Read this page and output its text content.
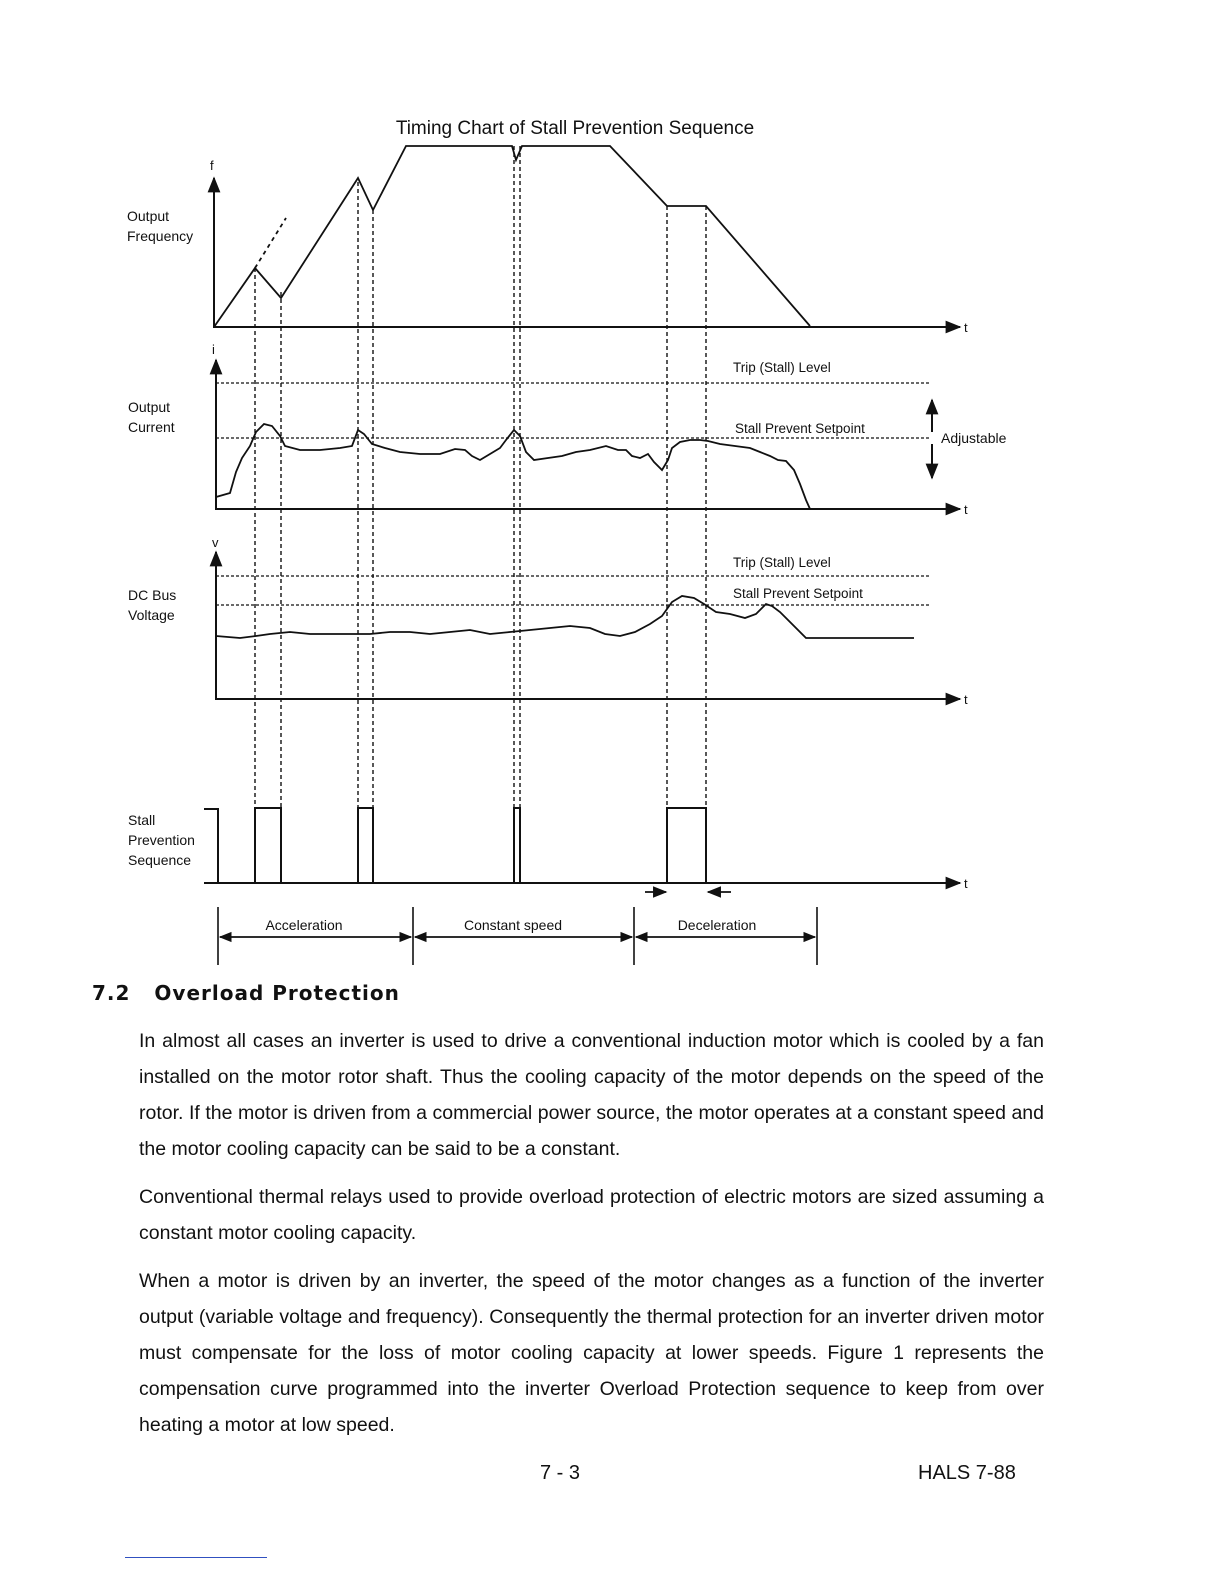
Timing Chart of Stall Prevention Sequence
Output
Frequency
f
t
Output
Current
i
t
Trip (Stall) Level
Stall Prevent Setpoint
Adjustable
DC Bus
Voltage
v
t
Trip (Stall) Level
Stall Prevent Setpoint
Stall
Prevention
Sequence
t
Acceleration	Constant speed	Deceleration
7.2 Overload Protection

In almost all cases an inverter is used to drive a conventional induction motor which is cooled by a fan installed on the motor rotor shaft. Thus the cooling capacity of the motor depends on the speed of the rotor. If the motor is driven from a commercial power source, the motor operates at a constant speed and the motor cooling capacity can be said to be a constant.

Conventional thermal relays used to provide overload protection of electric motors are sized assuming a constant motor cooling capacity.

When a motor is driven by an inverter, the speed of the motor changes as a function of the inverter output (variable voltage and frequency). Consequently the thermal protection for an inverter driven motor must compensate for the loss of motor cooling capacity at lower speeds. Figure 1 represents the compensation curve programmed into the inverter Overload Protection sequence to keep from over heating a motor at low speed.

7 - 3	HALS 7-88
